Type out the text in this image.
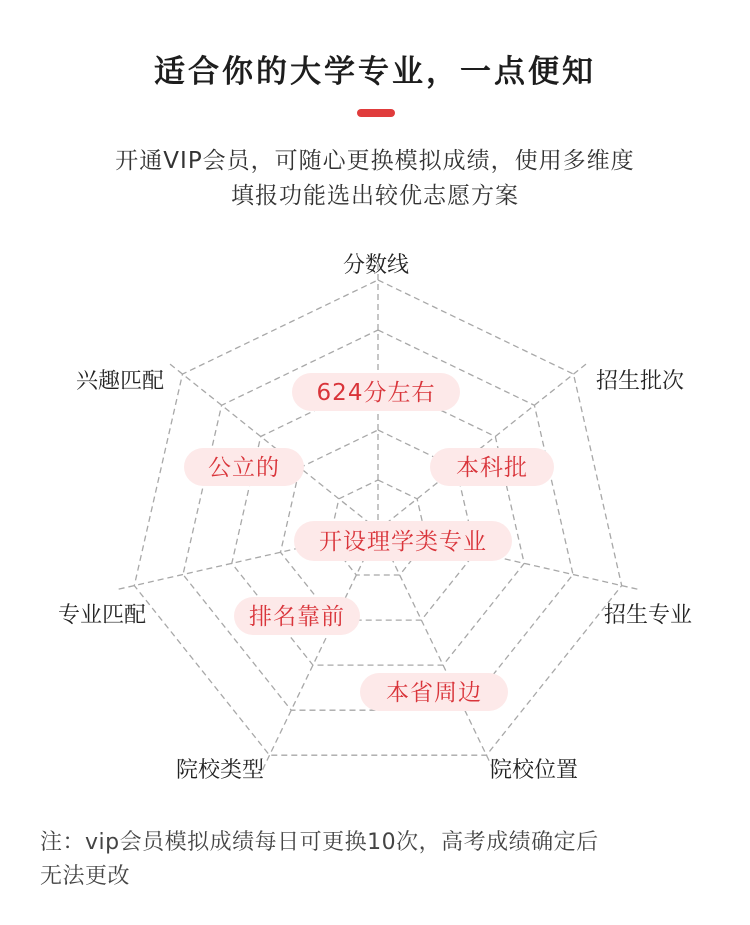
适合你的大学专业，一点便知
开通VIP会员，可随心更换模拟成绩，使用多维度
填报功能选出较优志愿方案
分数线
招生批次
招生专业
院校位置
院校类型
专业匹配
兴趣匹配	624分左右
本科批
公立的
开设理学类专业
排名靠前
本省周边
注：vip会员模拟成绩每日可更换10次，高考成绩确定后
无法更改
